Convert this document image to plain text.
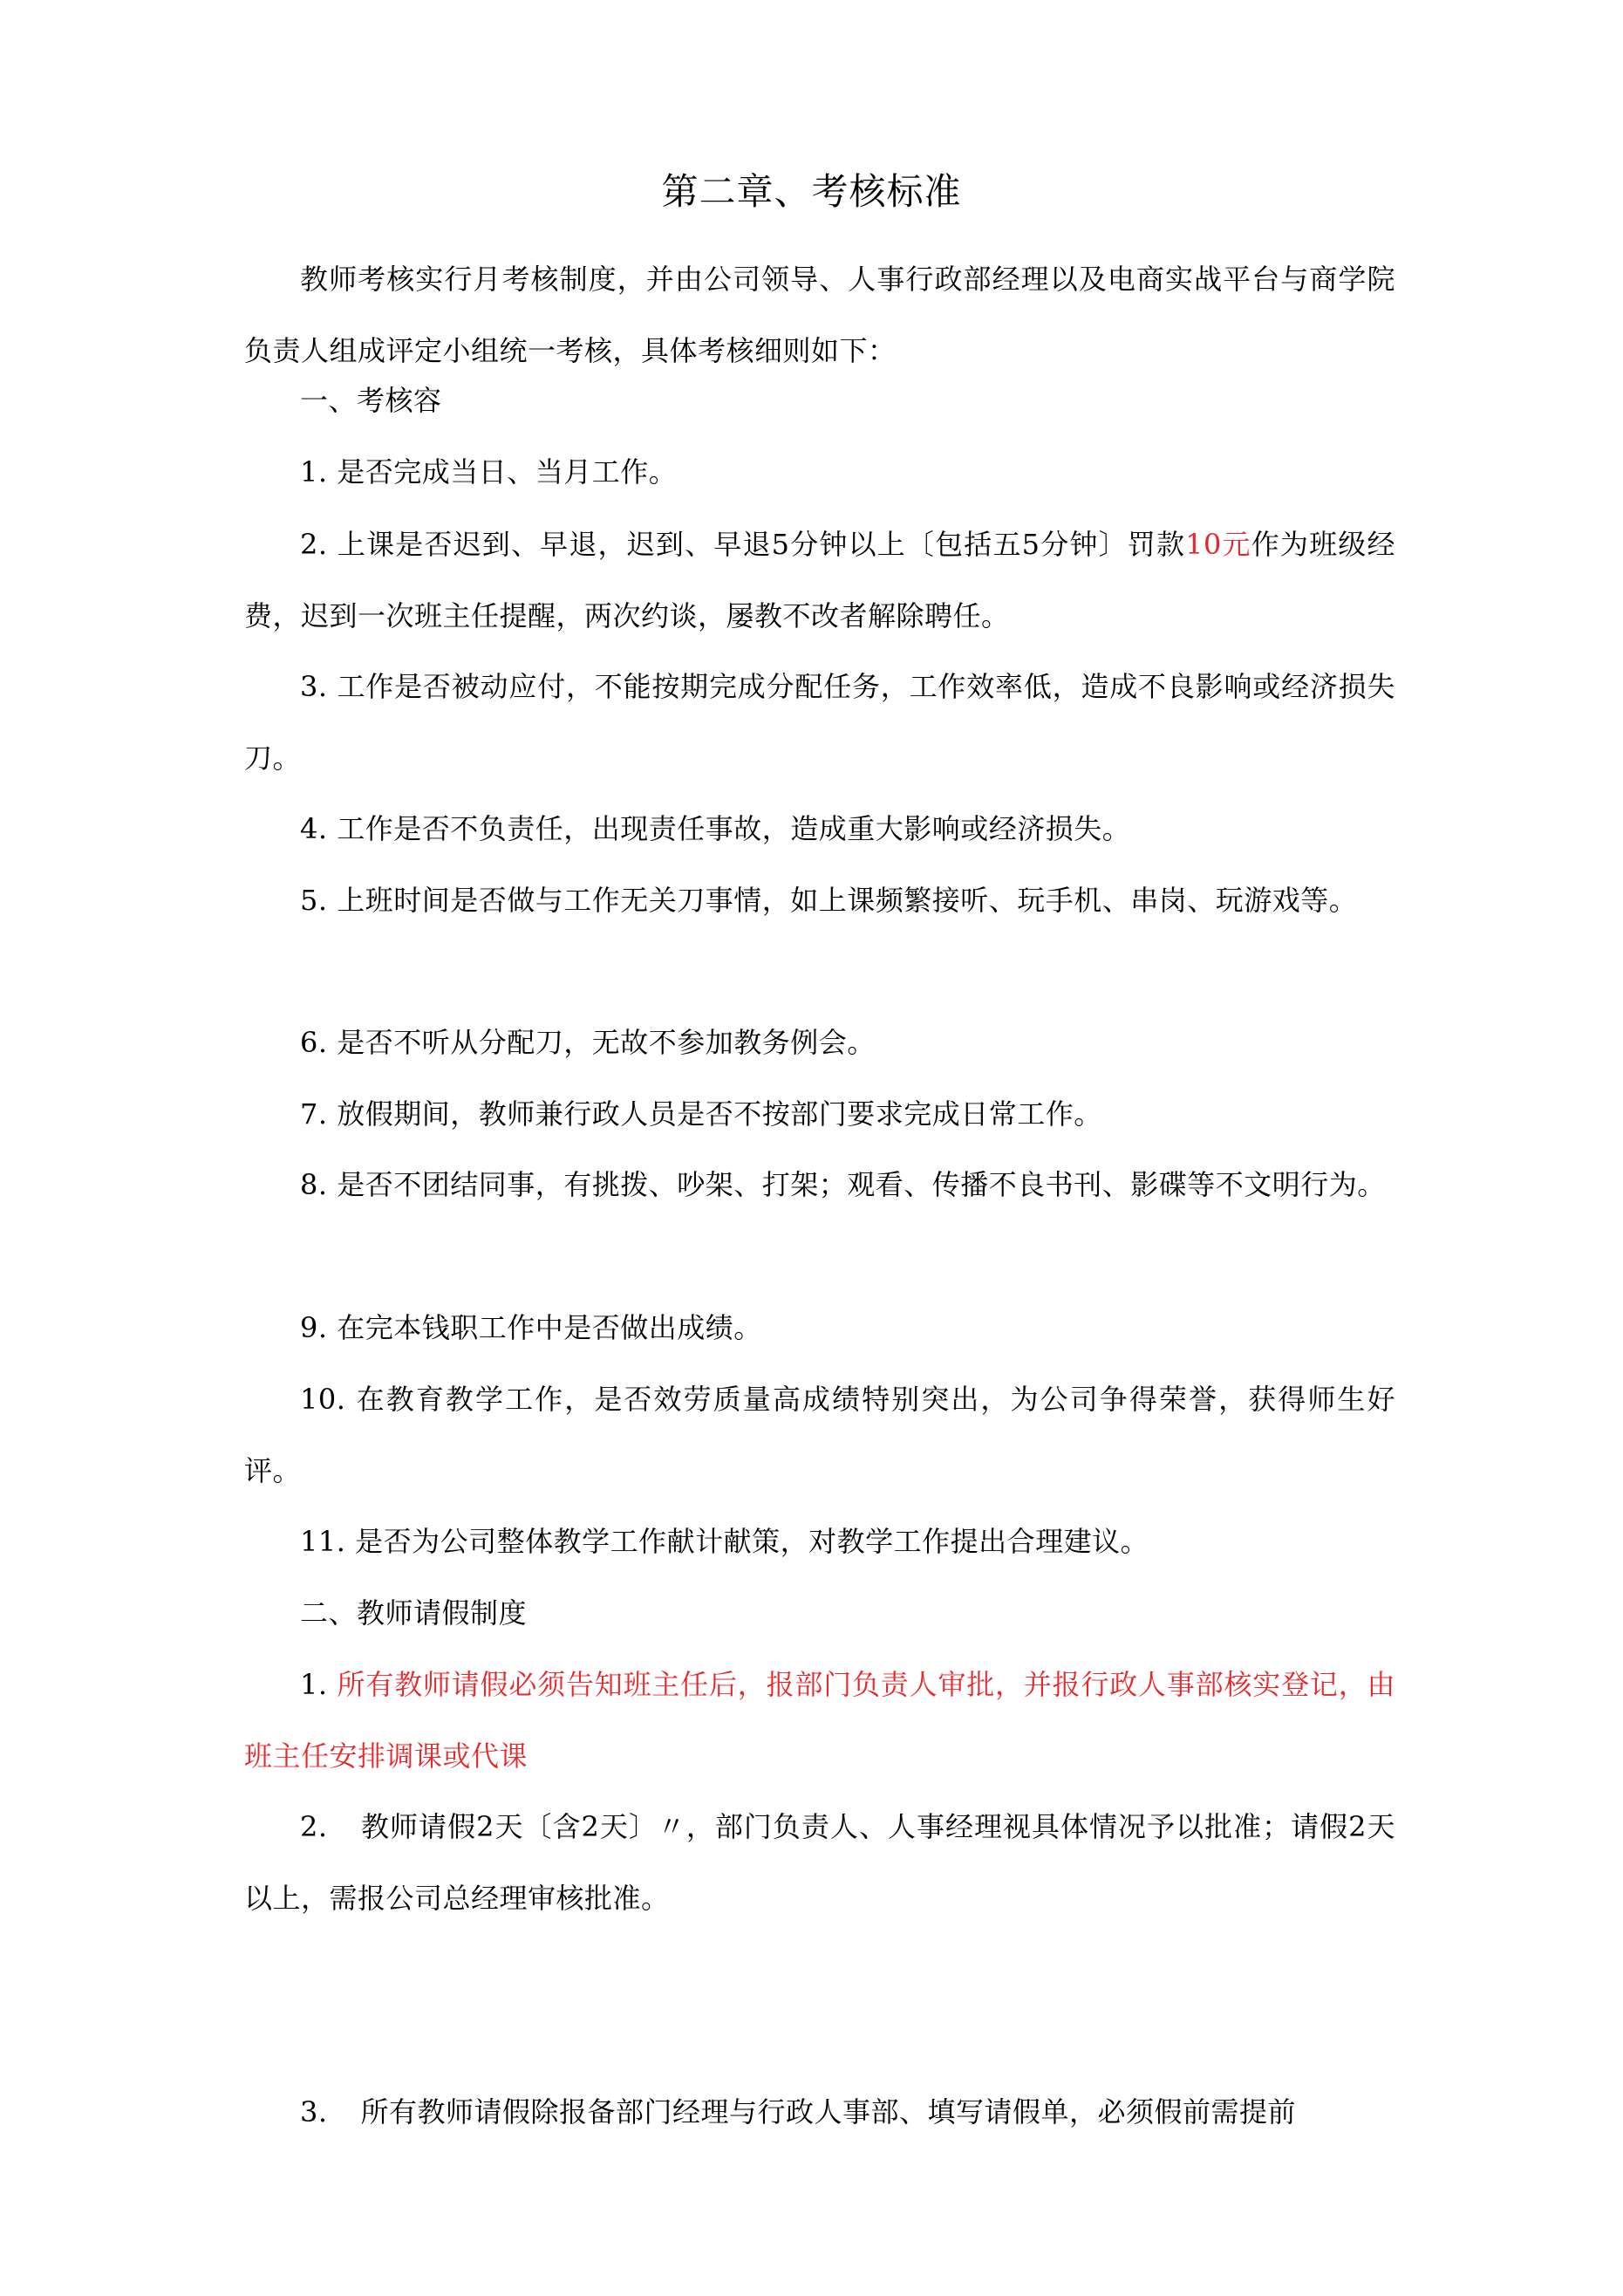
第二章、考核标准
教师考核实行月考核制度，并由公司领导、人事行政部经理以及电商实战平台与商学院负责人组成评定小组统一考核，具体考核细则如下：
一、考核容
1. 是否完成当日、当月工作。
2. 上课是否迟到、早退，迟到、早退5分钟以上〔包括五5分钟〕罚款10元作为班级经费，迟到一次班主任提醒，两次约谈，屡教不改者解除聘任。
3. 工作是否被动应付，不能按期完成分配任务，工作效率低，造成不良影响或经济损失刀。
4. 工作是否不负责任，出现责任事故，造成重大影响或经济损失。
5. 上班时间是否做与工作无关刀事情，如上课频繁接听、玩手机、串岗、玩游戏等。
6. 是否不听从分配刀，无故不参加教务例会。
7. 放假期间，教师兼行政人员是否不按部门要求完成日常工作。
8. 是否不团结同事，有挑拨、吵架、打架；观看、传播不良书刊、影碟等不文明行为。
9. 在完本钱职工作中是否做出成绩。
10. 在教育教学工作，是否效劳质量高成绩特别突出，为公司争得荣誉，获得师生好评。
11. 是否为公司整体教学工作献计献策，对教学工作提出合理建议。
二、教师请假制度
1. 所有教师请假必须告知班主任后，报部门负责人审批，并报行政人事部核实登记，由班主任安排调课或代课
2. 教师请假2天〔含2天〕〃，部门负责人、人事经理视具体情况予以批准；请假2天以上，需报公司总经理审核批准。
3. 所有教师请假除报备部门经理与行政人事部、填写请假单，必须假前需提前
